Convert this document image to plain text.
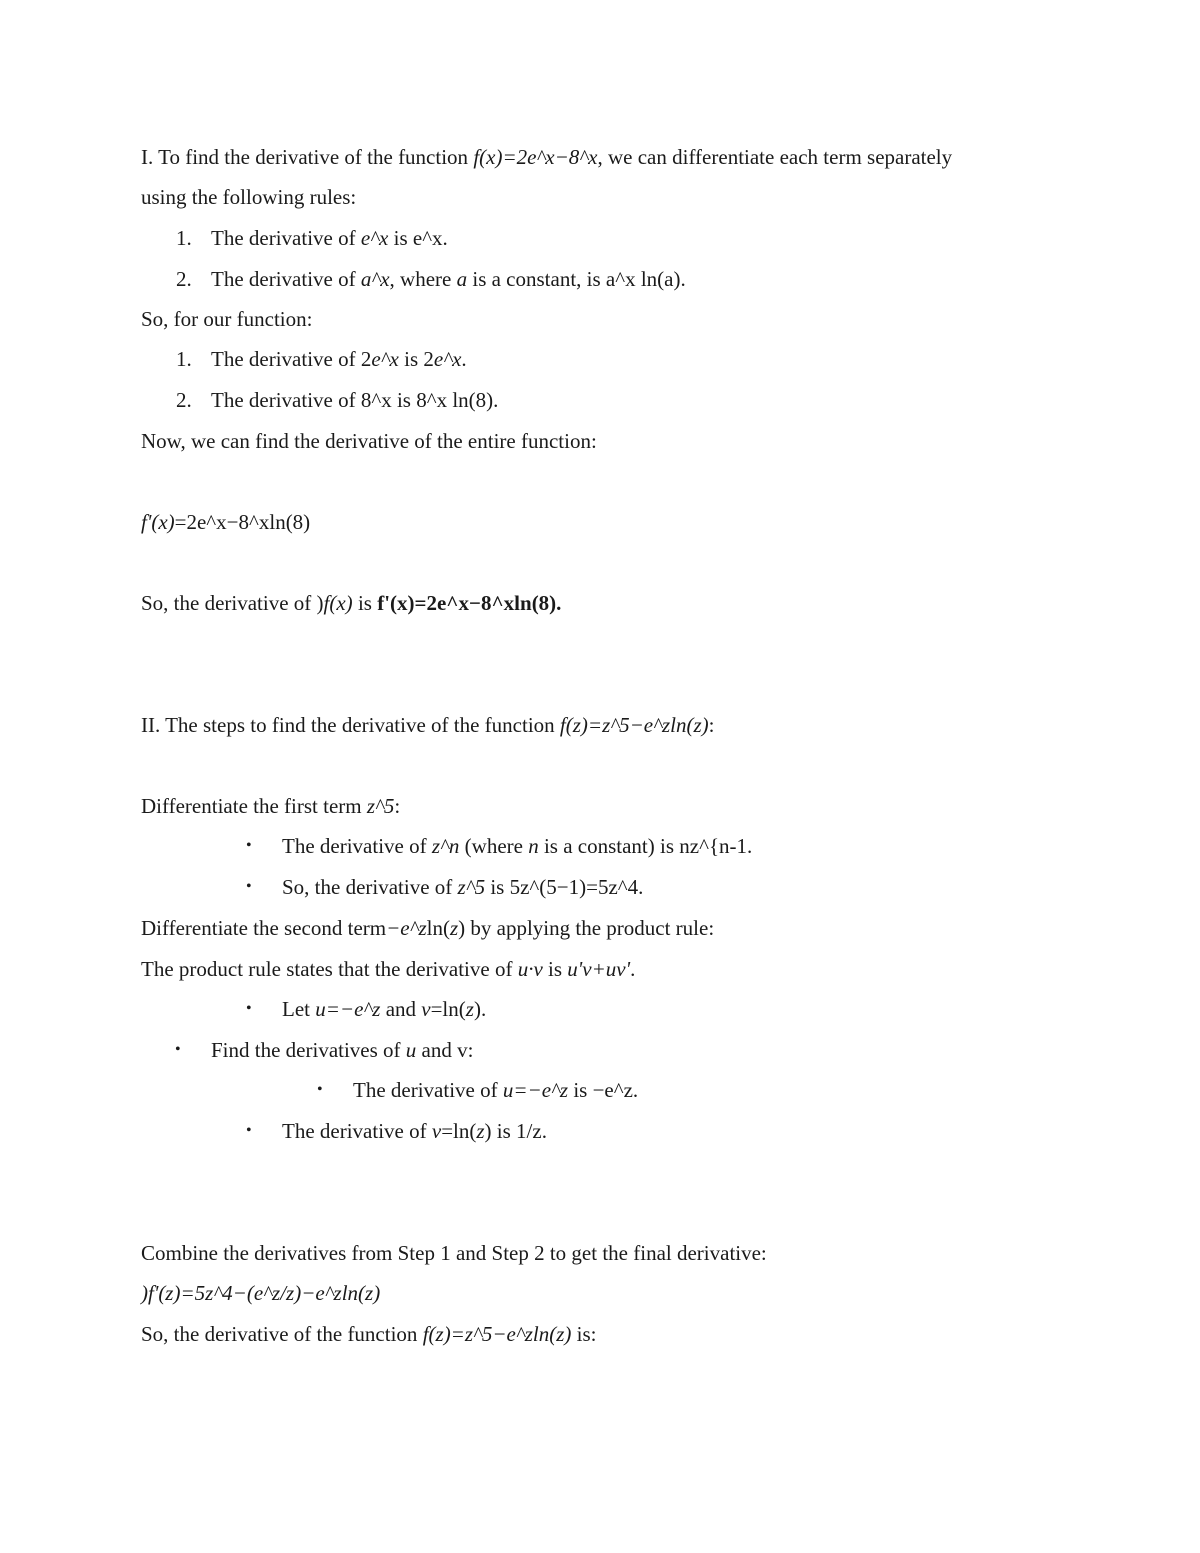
I. To find the derivative of the function f(x)=2e^x−8^x, we can differentiate each term separately
using the following rules:
1. The derivative of e^x is e^x.
2. The derivative of a^x, where a is a constant, is a^x ln(a).
So, for our function:
1. The derivative of 2e^x is 2e^x.
2. The derivative of 8^x is 8^x ln(8).
Now, we can find the derivative of the entire function:
f'(x)=2e^x−8^xln(8)
So, the derivative of )f(x) is f'(x)=2e^x−8^xln(8).
II. The steps to find the derivative of the function f(z)=z^5−e^zln(z):
Differentiate the first term z^5:
• The derivative of z^n (where n is a constant) is nz^{n-1.
• So, the derivative of z^5 is 5z^(5−1)=5z^4.
Differentiate the second term−e^zln(z) by applying the product rule:
The product rule states that the derivative of u·v is u'v+uv'.
• Let u=−e^z and v=ln(z).
• Find the derivatives of u and v:
• The derivative of u=−e^z is −e^z.
• The derivative of v=ln(z) is 1/z.
Combine the derivatives from Step 1 and Step 2 to get the final derivative:
)f'(z)=5z^4−(e^z/z)−e^zln(z)
So, the derivative of the function f(z)=z^5−e^zln(z) is:
